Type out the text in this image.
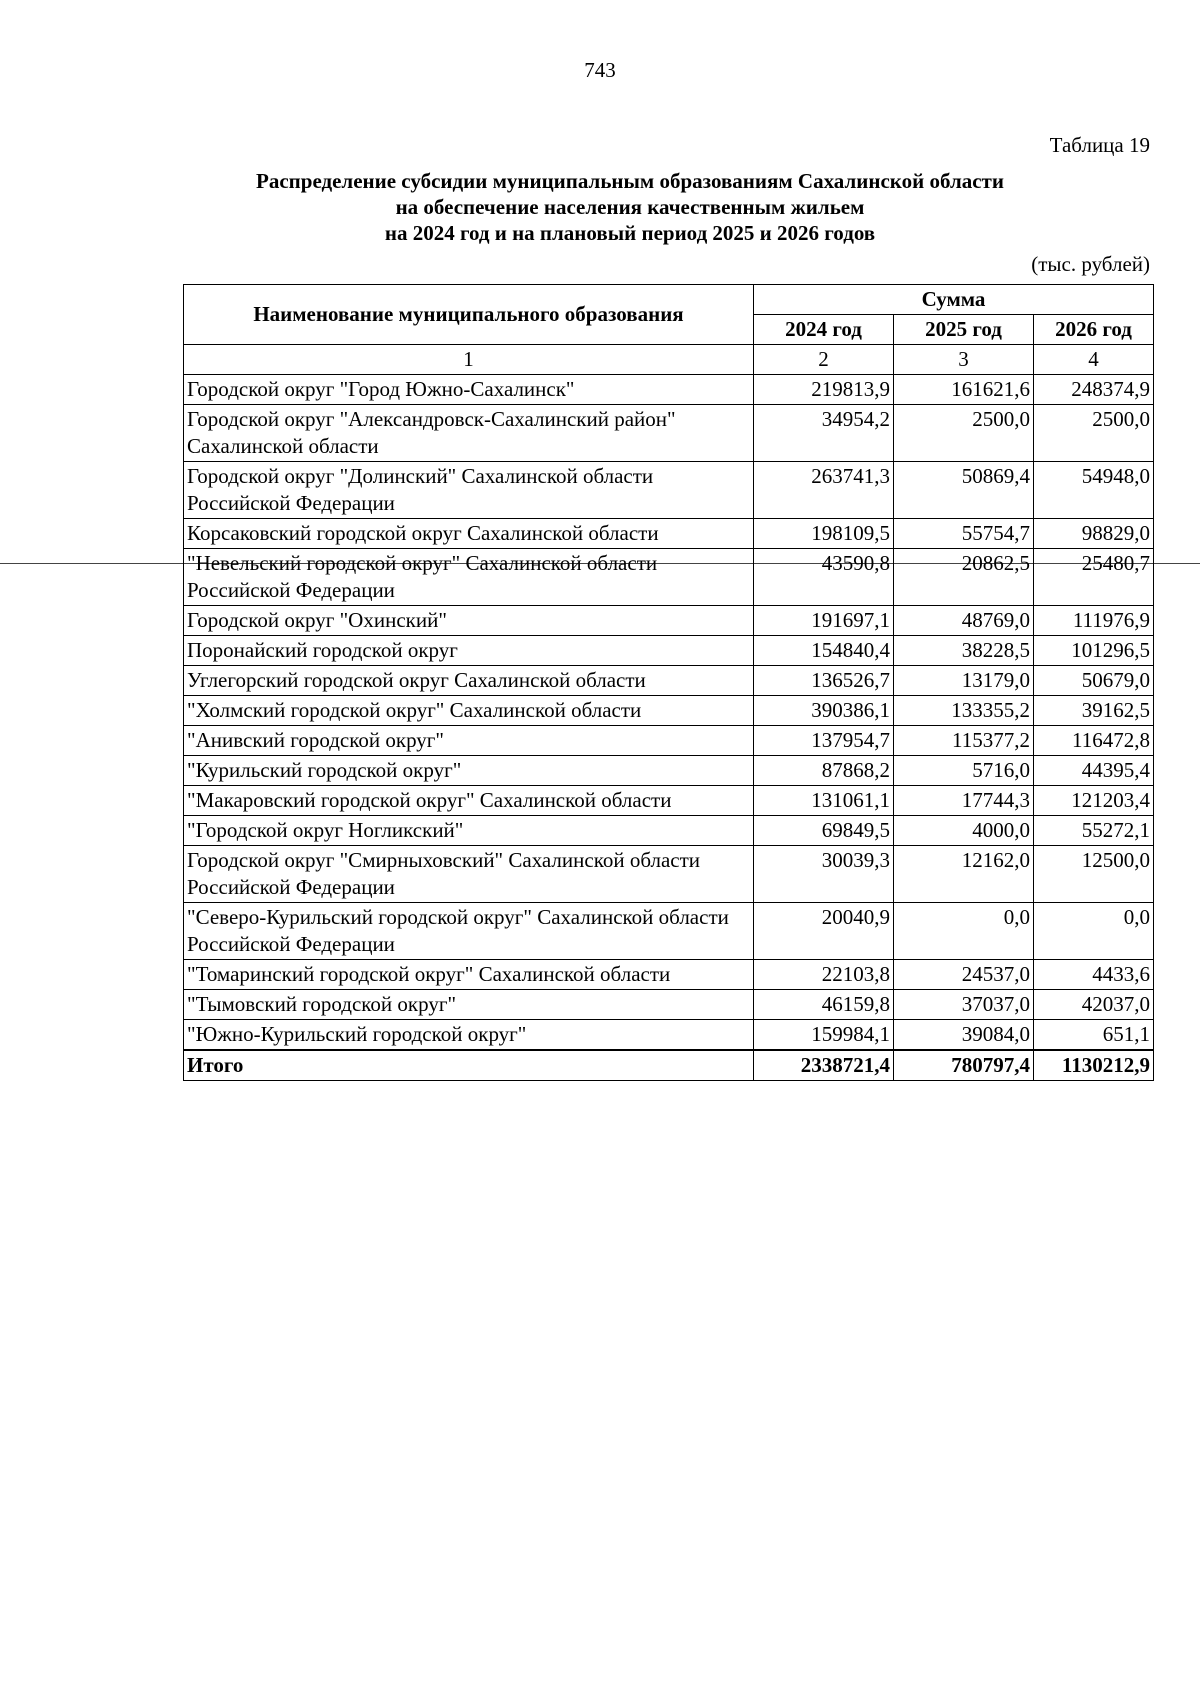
743
Таблица 19
Распределение субсидии муниципальным образованиям Сахалинской области
на обеспечение населения качественным жильем
на 2024 год и на плановый период 2025 и 2026 годов
(тыс. рублей)
Наименование муниципального образования	Сумма		
	2024 год	2025 год	2026 год
1	2	3	4
Городской округ "Город Южно-Сахалинск"	219813,9	161621,6	248374,9
Городской округ "Александровск-Сахалинский район" Сахалинской области	34954,2	2500,0	2500,0
Городской округ "Долинский" Сахалинской области Российской Федерации	263741,3	50869,4	54948,0
Корсаковский городской округ Сахалинской области	198109,5	55754,7	98829,0
"Невельский городской округ" Сахалинской области Российской Федерации	43590,8	20862,5	25480,7
Городской округ "Охинский"	191697,1	48769,0	111976,9
Поронайский городской округ	154840,4	38228,5	101296,5
Углегорский городской округ Сахалинской области	136526,7	13179,0	50679,0
"Холмский городской округ" Сахалинской области	390386,1	133355,2	39162,5
"Анивский городской округ"	137954,7	115377,2	116472,8
"Курильский городской округ"	87868,2	5716,0	44395,4
"Макаровский городской округ" Сахалинской области	131061,1	17744,3	121203,4
"Городской округ Ногликский"	69849,5	4000,0	55272,1
Городской округ "Смирныховский" Сахалинской области Российской Федерации	30039,3	12162,0	12500,0
"Северо-Курильский городской округ" Сахалинской области Российской Федерации	20040,9	0,0	0,0
"Томаринский городской округ" Сахалинской области	22103,8	24537,0	4433,6
"Тымовский городской округ"	46159,8	37037,0	42037,0
"Южно-Курильский городской округ"	159984,1	39084,0	651,1
Итого	2338721,4	780797,4	1130212,9
